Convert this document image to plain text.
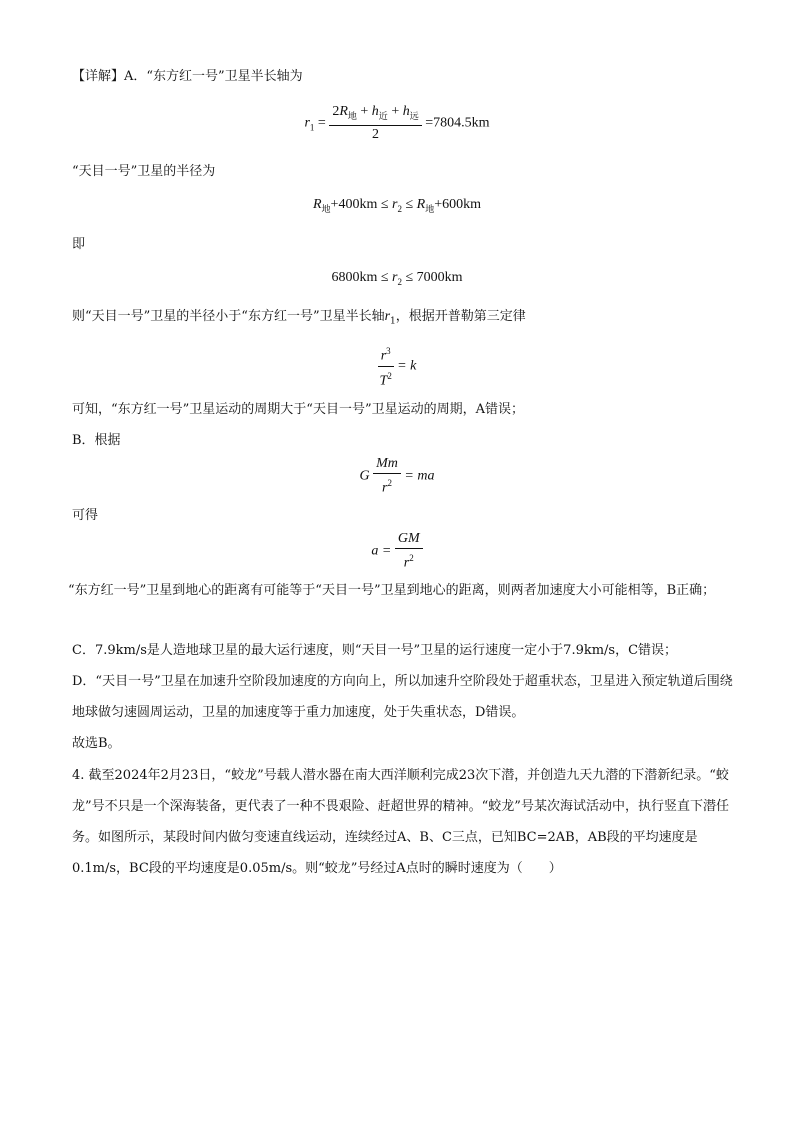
【详解】A．“东方红一号”卫星半长轴为
$r_1 = \frac{2R_地 + h_近 + h_远}{2} =7804.5km$
“天目一号”卫星的半径为
$R_地+400km \le r_2 \le R_地+600km$
即
$6800km \le r_2 \le 7000km$
则“天目一号”卫星的半径小于“东方红一号”卫星半长轴$r_1$，根据开普勒第三定律
$\frac{r^3}{T^2} = k$
可知，“东方红一号”卫星运动的周期大于“天目一号”卫星运动的周期，A错误；
B．根据
G $\frac{Mm}{r^2}$ = ma
可得
$a = \frac{GM}{r^2}$
“东方红一号”卫星到地心的距离有可能等于“天目一号”卫星到地心的距离，则两者加速度大小可能相等，B正确；
C．7.9km/s是人造地球卫星的最大运行速度，则“天目一号”卫星的运行速度一定小于7.9km/s，C错误；
D．“天目一号”卫星在加速升空阶段加速度的方向向上，所以加速升空阶段处于超重状态，卫星进入预定轨道后围绕地球做匀速圆周运动，卫星的加速度等于重力加速度，处于失重状态，D错误。
故选B。
4. 截至2024年2月23日，“蛟龙”号载人潜水器在南大西洋顺利完成23次下潜，并创造九天九潜的下潜新纪录。“蛟龙”号不只是一个深海装备，更代表了一种不畏艰险、赶超世界的精神。“蛟龙”号某次海试活动中，执行竖直下潜任务。如图所示，某段时间内做匀变速直线运动，连续经过A、B、C三点，已知BC=2AB，AB段的平均速度是0.1m/s，BC段的平均速度是0.05m/s。则“蛟龙”号经过A点时的瞬时速度为（　　）
